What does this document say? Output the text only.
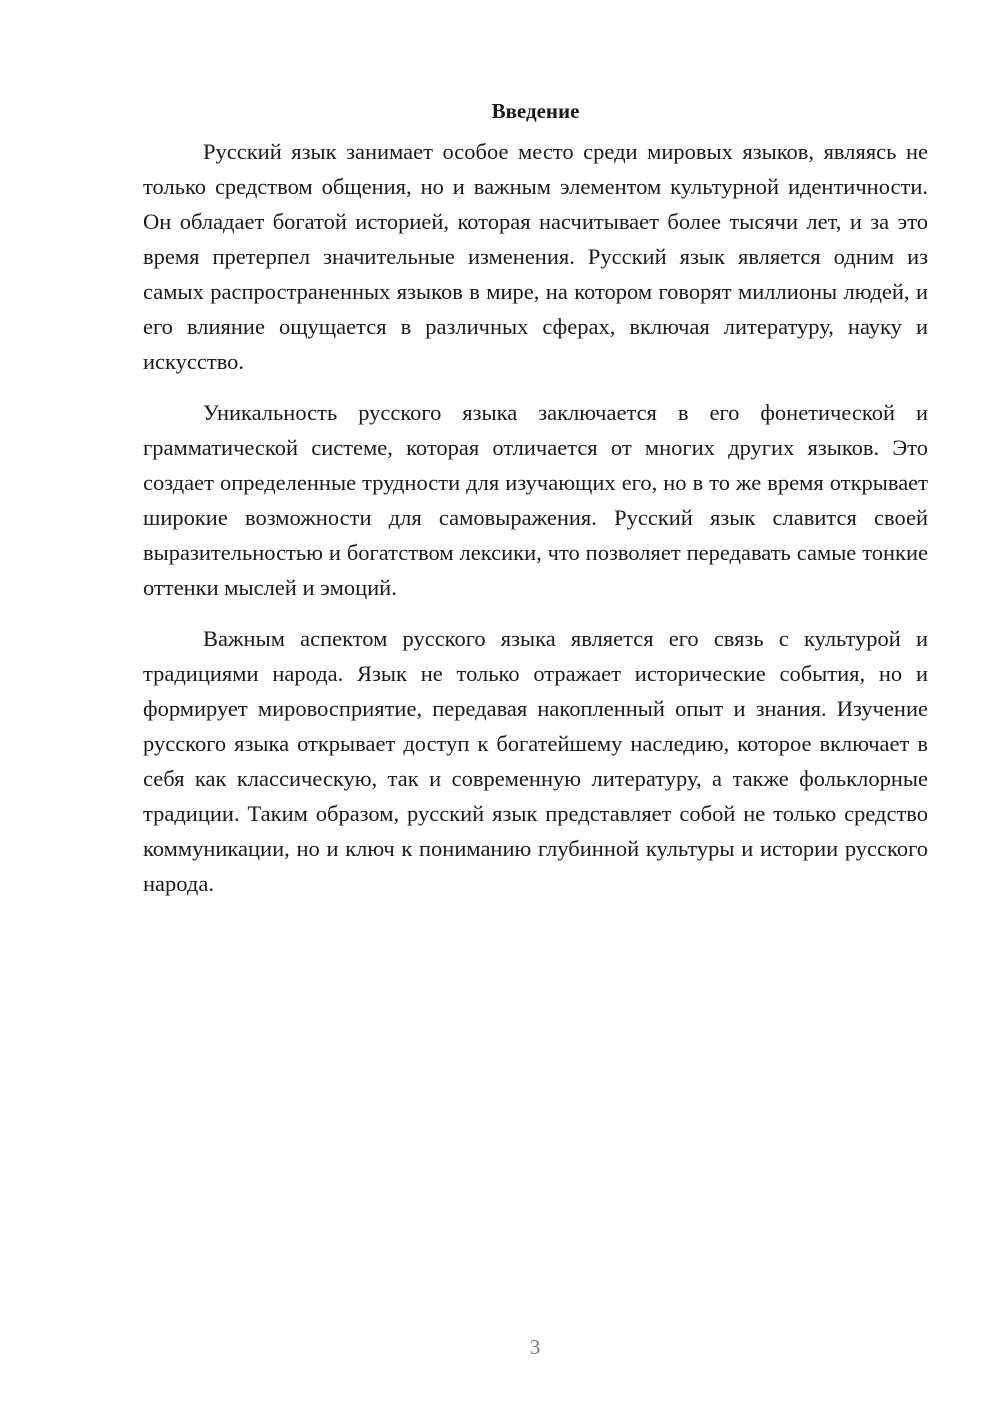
Введение

Русский язык занимает особое место среди мировых языков, являясь не только средством общения, но и важным элементом культурной идентичности. Он обладает богатой историей, которая насчитывает более тысячи лет, и за это время претерпел значительные изменения. Русский язык является одним из самых распространенных языков в мире, на котором говорят миллионы людей, и его влияние ощущается в различных сферах, включая литературу, науку и искусство.

Уникальность русского языка заключается в его фонетической и грамматической системе, которая отличается от многих других языков. Это создает определенные трудности для изучающих его, но в то же время открывает широкие возможности для самовыражения. Русский язык славится своей выразительностью и богатством лексики, что позволяет передавать самые тонкие оттенки мыслей и эмоций.

Важным аспектом русского языка является его связь с культурой и традициями народа. Язык не только отражает исторические события, но и формирует мировосприятие, передавая накопленный опыт и знания. Изучение русского языка открывает доступ к богатейшему наследию, которое включает в себя как классическую, так и современную литературу, а также фольклорные традиции. Таким образом, русский язык представляет собой не только средство коммуникации, но и ключ к пониманию глубинной культуры и истории русского народа.

3
